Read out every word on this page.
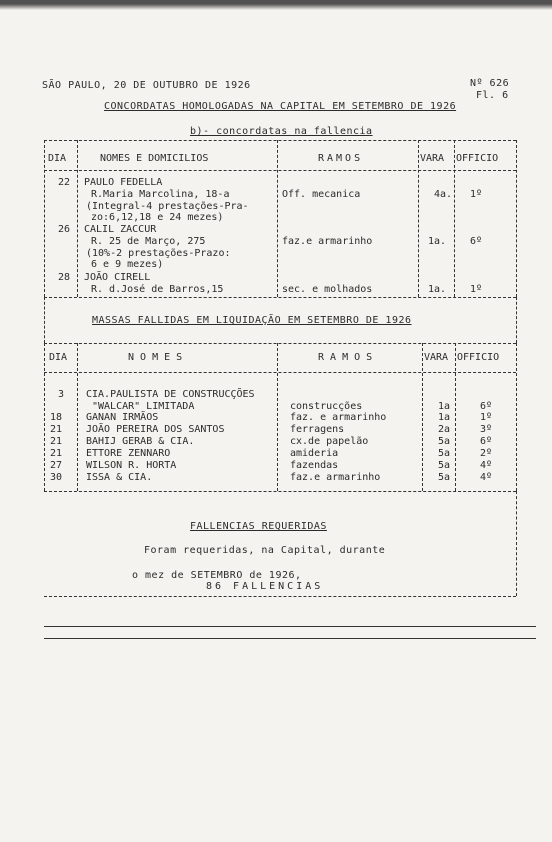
SÃO PAULO, 20 DE OUTUBRO DE 1926	Nº 626
Fl. 6
CONCORDATAS HOMOLOGADAS NA CAPITAL EM SETEMBRO DE 1926
b)- concordatas na fallencia
DIA	NOMES E DOMICILIOS	RAMOS	VARA OFFICIO
22 PAULO FEDELLA
R.Maria Marcolina, 18-a
(Integral-4 prestações-Pra-
zo:6,12,18 e 24 mezes)
Off. mecanica	4a. 1º
26 CALIL ZACCUR
R. 25 de Março, 275
(10%-2 prestações-Prazo:
6 e 9 mezes)
faz.e armarinho	1a. 6º
28 JOÃO CIRELL
R. d.José de Barros,15	sec. e molhados	1a. 1º
MASSAS FALLIDAS EM LIQUIDAÇÃO EM SETEMBRO DE 1926
DIA	N O M E S	R A M O S	VARA OFFICIO
3 CIA.PAULISTA DE CONSTRUCÇÕES
"WALCAR" LIMITADA	construcções	1a	6º
18 GANAN IRMÃOS	faz. e armarinho	1a	1º
21 JOÃO PEREIRA DOS SANTOS	ferragens	2a	3º
21 BAHIJ GERAB & CIA.	cx.de papelão	5a	6º
21 ETTORE ZENNARO	amideria	5a	2º
27 WILSON R. HORTA	fazendas	5a	4º
30 ISSA & CIA.	faz.e armarinho	5a	4º
FALLENCIAS REQUERIDAS
Foram requeridas, na Capital, durante
o mez de SETEMBRO de 1926,
86 FALLENCIAS
